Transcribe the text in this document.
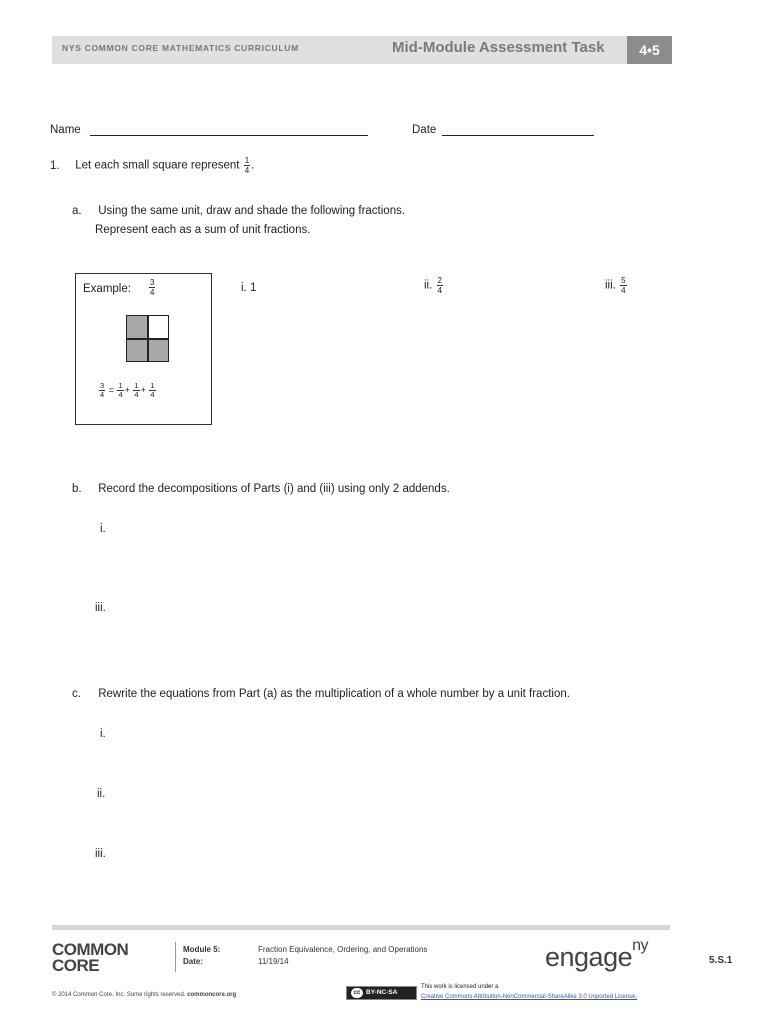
NYS COMMON CORE MATHEMATICS CURRICULUM	Mid-Module Assessment Task	4•5
Name	Date
1. Let each small square represent $\frac{1}{4}$ .
a. Using the same unit, draw and shade the following fractions.
Represent each as a sum of unit fractions.
Example: $\frac{3}{4}$
$\frac{3}{4} = \frac{1}{4} + \frac{1}{4} + \frac{1}{4}$
i. 1	ii. $\frac{2}{4}$	iii. $\frac{5}{4}$
b. Record the decompositions of Parts (i) and (iii) using only 2 addends.
i.
iii.
c. Rewrite the equations from Part (a) as the multiplication of a whole number by a unit fraction.
i.
ii.
iii.
COMMON
CORE
Module 5:	Fraction Equivalence, Ordering, and Operations
Date:	11/19/14	engage$^{ny}$
5.S.1
© 2014 Common Core, Inc. Some rights reserved. commoncore.org	cc BY-NC-SA
This work is licensed under a
Creative Commons Attribution-NonCommercial-ShareAlike 3.0 Unported License.
